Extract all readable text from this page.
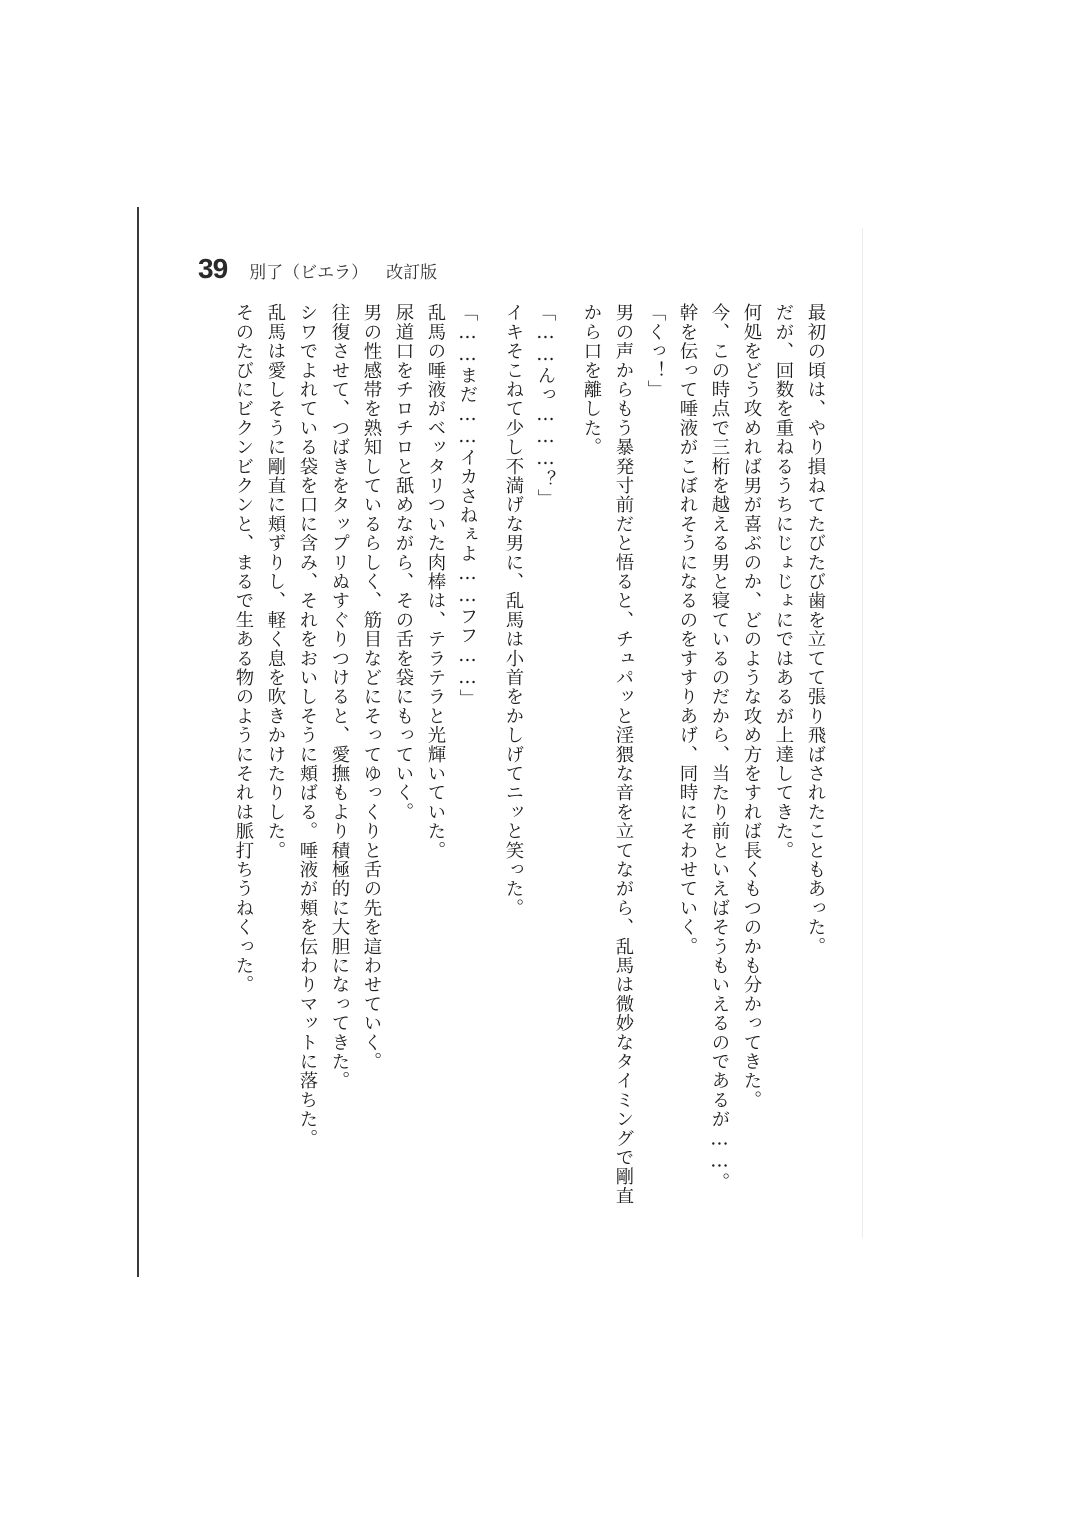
39 別了（ビエラ） 改訂版
最初の頃は、やり損ねてたびたび歯を立てて張り飛ばされたこともあった。
だが、回数を重ねるうちにじょじょにではあるが上達してきた。
何処をどう攻めれば男が喜ぶのか、どのような攻め方をすれば長くもつのかも分かってきた。
今、この時点で三桁を越える男と寝ているのだから、当たり前といえばそうもいえるのであるが……。
幹を伝って唾液がこぼれそうになるのをすすりあげ、同時にそわせていく。
「くっ！」
男の声からもう暴発寸前だと悟ると、チュパッと淫猥な音を立てながら、乱馬は微妙なタイミングで剛直
から口を離した。
「……んっ………？」
イキそこねて少し不満げな男に、乱馬は小首をかしげてニッと笑った。
「……まだ……イカさねぇよ……フフ……」
乱馬の唾液がベッタリついた肉棒は、テラテラと光輝いていた。
尿道口をチロチロと舐めながら、その舌を袋にもっていく。
男の性感帯を熟知しているらしく、筋目などにそってゆっくりと舌の先を這わせていく。
往復させて、つばきをタップリぬすぐりつけると、愛撫もより積極的に大胆になってきた。
シワでよれている袋を口に含み、それをおいしそうに頬ばる。唾液が頬を伝わりマットに落ちた。
乱馬は愛しそうに剛直に頬ずりし、軽く息を吹きかけたりした。
そのたびにビクンビクンと、まるで生ある物のようにそれは脈打ちうねくった。
